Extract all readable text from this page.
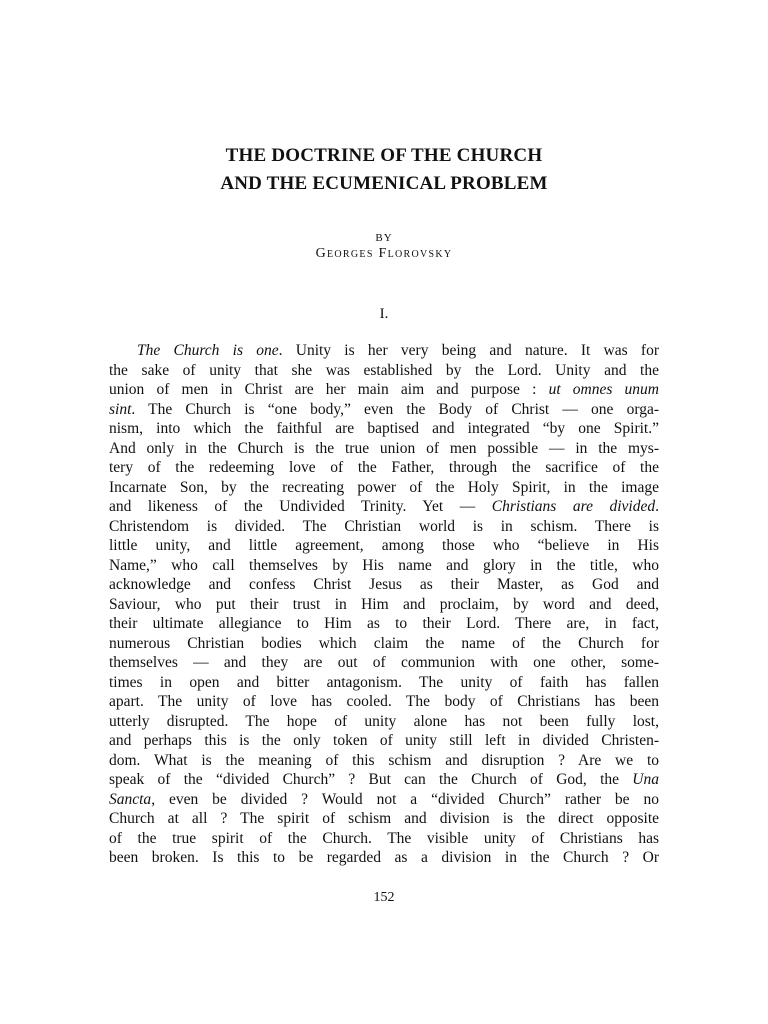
THE DOCTRINE OF THE CHURCH
AND THE ECUMENICAL PROBLEM
BY
Georges Florovsky
I.
The Church is one. Unity is her very being and nature. It was for
the sake of unity that she was established by the Lord. Unity and the
union of men in Christ are her main aim and purpose : ut omnes unum
sint. The Church is “one body,” even the Body of Christ — one orga-
nism, into which the faithful are baptised and integrated “by one Spirit.”
And only in the Church is the true union of men possible — in the mys-
tery of the redeeming love of the Father, through the sacrifice of the
Incarnate Son, by the recreating power of the Holy Spirit, in the image
and likeness of the Undivided Trinity. Yet — Christians are divided.
Christendom is divided. The Christian world is in schism. There is
little unity, and little agreement, among those who “believe in His
Name,” who call themselves by His name and glory in the title, who
acknowledge and confess Christ Jesus as their Master, as God and
Saviour, who put their trust in Him and proclaim, by word and deed,
their ultimate allegiance to Him as to their Lord. There are, in fact,
numerous Christian bodies which claim the name of the Church for
themselves — and they are out of communion with one other, some-
times in open and bitter antagonism. The unity of faith has fallen
apart. The unity of love has cooled. The body of Christians has been
utterly disrupted. The hope of unity alone has not been fully lost,
and perhaps this is the only token of unity still left in divided Christen-
dom. What is the meaning of this schism and disruption ? Are we to
speak of the “divided Church” ? But can the Church of God, the Una
Sancta, even be divided ? Would not a “divided Church” rather be no
Church at all ? The spirit of schism and division is the direct opposite
of the true spirit of the Church. The visible unity of Christians has
been broken. Is this to be regarded as a division in the Church ? Or
152
